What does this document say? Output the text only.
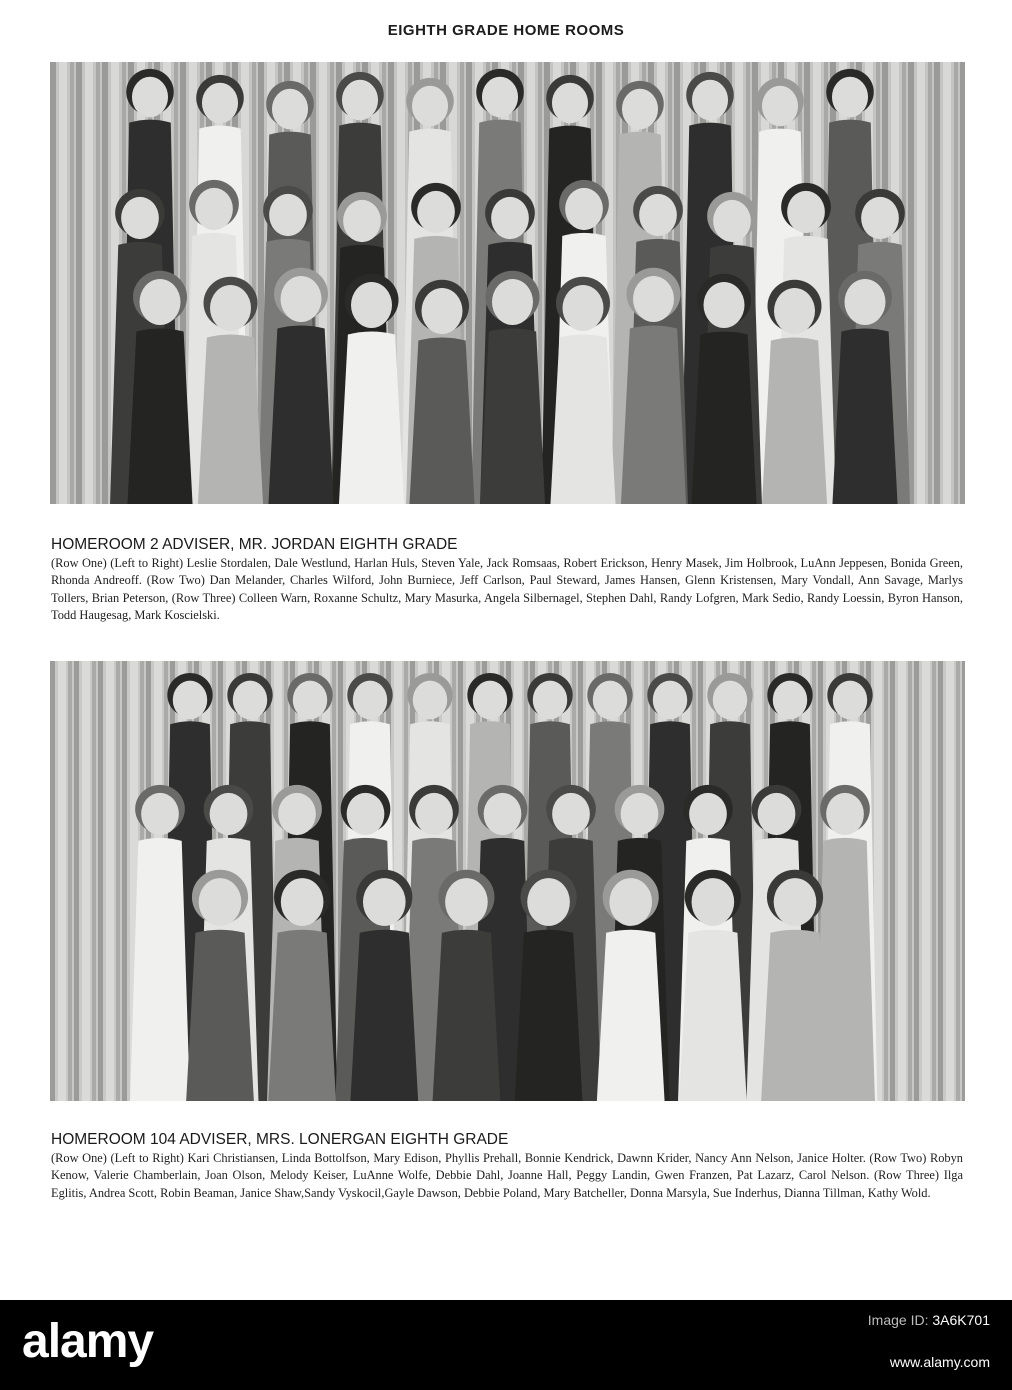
EIGHTH GRADE HOME ROOMS
HOMEROOM 2 ADVISER, MR. JORDAN EIGHTH GRADE
(Row One) (Left to Right) Leslie Stordalen, Dale Westlund, Harlan Huls, Steven Yale, Jack Romsaas, Robert Erickson, Henry Masek, Jim Holbrook, LuAnn Jeppesen, Bonida Green, Rhonda Andreoff. (Row Two) Dan Melander, Charles Wilford, John Burniece, Jeff Carlson, Paul Steward, James Hansen, Glenn Kristensen, Mary Vondall, Ann Savage, Marlys Tollers, Brian Peterson, (Row Three) Colleen Warn, Roxanne Schultz, Mary Masurka, Angela Silbernagel, Stephen Dahl, Randy Lofgren, Mark Sedio, Randy Loessin, Byron Hanson, Todd Haugesag, Mark Koscielski.
HOMEROOM 104 ADVISER, MRS. LONERGAN EIGHTH GRADE
(Row One) (Left to Right) Kari Christiansen, Linda Bottolfson, Mary Edison, Phyllis Prehall, Bonnie Kendrick, Dawnn Krider, Nancy Ann Nelson, Janice Holter. (Row Two) Robyn Kenow, Valerie Chamberlain, Joan Olson, Melody Keiser, LuAnne Wolfe, Debbie Dahl, Joanne Hall, Peggy Landin, Gwen Franzen, Pat Lazarz, Carol Nelson. (Row Three) Ilga Eglitis, Andrea Scott, Robin Beaman, Janice Shaw,Sandy Vyskocil,Gayle Dawson, Debbie Poland, Mary Batcheller, Donna Marsyla, Sue Inderhus, Dianna Tillman, Kathy Wold.
alamy	Image ID: 3A6K701
www.alamy.com
